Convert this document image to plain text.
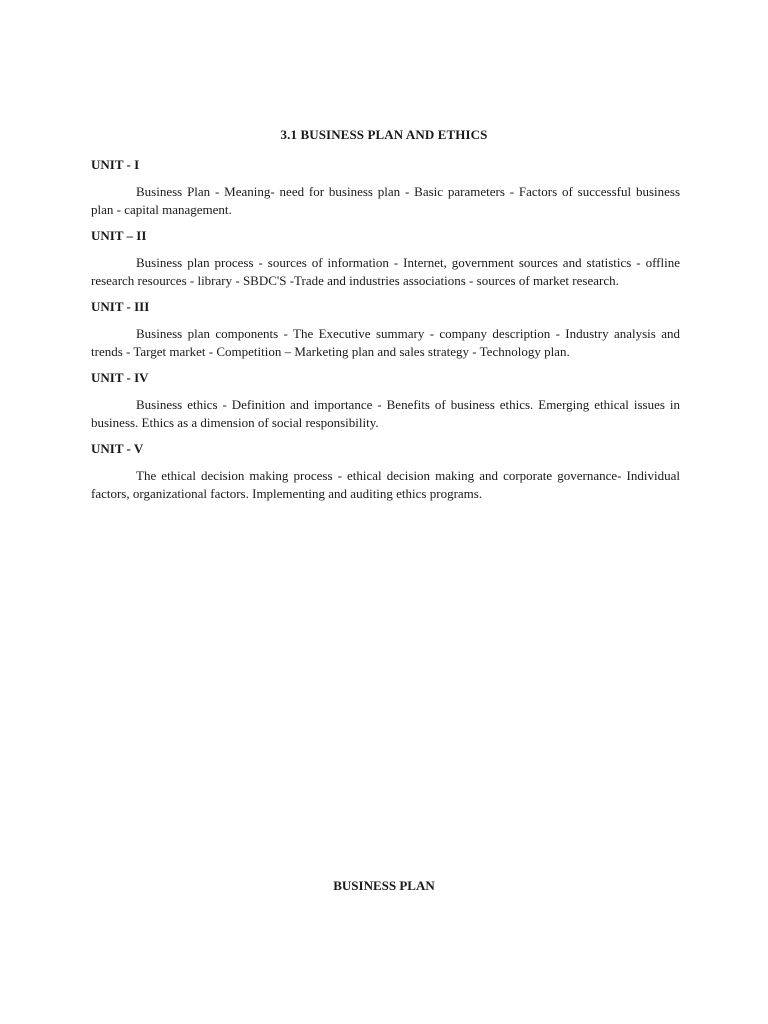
3.1 BUSINESS PLAN AND ETHICS
UNIT - I

Business Plan - Meaning- need for business plan - Basic parameters - Factors of successful business plan - capital management.

UNIT – II

Business plan process - sources of information - Internet, government sources and statistics - offline research resources - library - SBDC'S -Trade and industries associations - sources of market research.

UNIT - III

Business plan components - The Executive summary - company description - Industry analysis and trends - Target market - Competition – Marketing plan and sales strategy - Technology plan.

UNIT - IV

Business ethics - Definition and importance - Benefits of business ethics. Emerging ethical issues in business. Ethics as a dimension of social responsibility.

UNIT - V

The ethical decision making process - ethical decision making and corporate governance- Individual factors, organizational factors. Implementing and auditing ethics programs.

BUSINESS PLAN
